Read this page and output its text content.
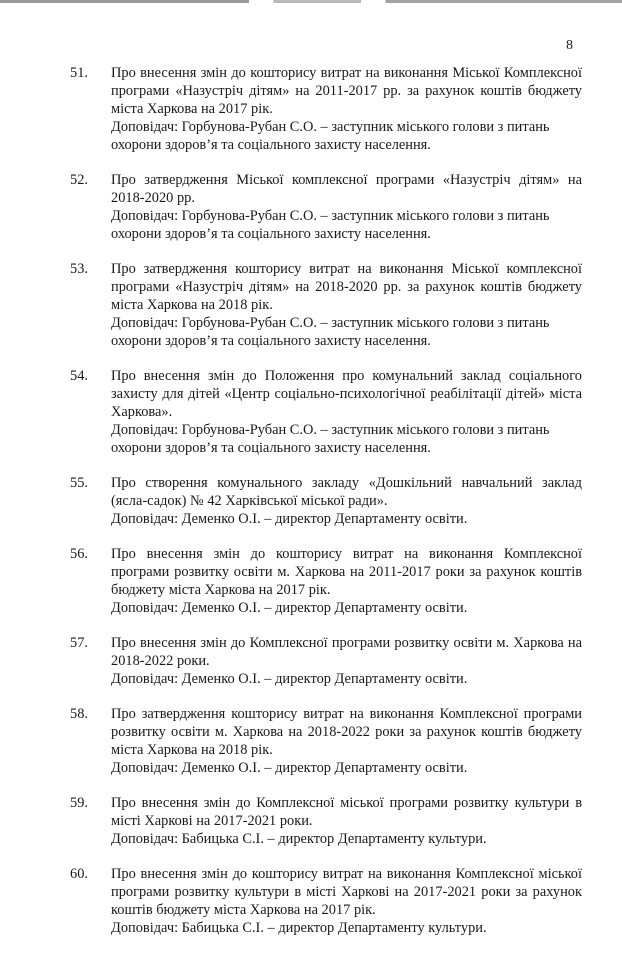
8
51.	Про внесення змін до кошторису витрат на виконання Міської Комплексної програми «Назустріч дітям» на 2011-2017 рр. за рахунок коштів бюджету міста Харкова на 2017 рік.
Доповідач: Горбунова-Рубан С.О. – заступник міського голови з питань охорони здоров’я та соціального захисту населення.
52.	Про затвердження Міської комплексної програми «Назустріч дітям» на 2018-2020 рр.
Доповідач: Горбунова-Рубан С.О. – заступник міського голови з питань охорони здоров’я та соціального захисту населення.
53.	Про затвердження кошторису витрат на виконання Міської комплексної програми «Назустріч дітям» на 2018-2020 рр. за рахунок коштів бюджету міста Харкова на 2018 рік.
Доповідач: Горбунова-Рубан С.О. – заступник міського голови з питань охорони здоров’я та соціального захисту населення.
54.	Про внесення змін до Положення про комунальний заклад соціального захисту для дітей «Центр соціально-психологічної реабілітації дітей» міста Харкова».
Доповідач: Горбунова-Рубан С.О. – заступник міського голови з питань охорони здоров’я та соціального захисту населення.
55.	Про створення комунального закладу «Дошкільний навчальний заклад (ясла-садок) № 42 Харківської міської ради».
Доповідач: Деменко О.І. – директор Департаменту освіти.
56.	Про внесення змін до кошторису витрат на виконання Комплексної програми розвитку освіти м. Харкова на 2011-2017 роки за рахунок коштів бюджету міста Харкова на 2017 рік.
Доповідач: Деменко О.І. – директор Департаменту освіти.
57.	Про внесення змін до Комплексної програми розвитку освіти м. Харкова на 2018-2022 роки.
Доповідач: Деменко О.І. – директор Департаменту освіти.
58.	Про затвердження кошторису витрат на виконання Комплексної програми розвитку освіти м. Харкова на 2018-2022 роки за рахунок коштів бюджету міста Харкова на 2018 рік.
Доповідач: Деменко О.І. – директор Департаменту освіти.
59.	Про внесення змін до Комплексної міської програми розвитку культури в місті Харкові на 2017-2021 роки.
Доповідач: Бабицька С.І. – директор Департаменту культури.
60.	Про внесення змін до кошторису витрат на виконання Комплексної міської програми розвитку культури в місті Харкові на 2017-2021 роки за рахунок коштів бюджету міста Харкова на 2017 рік.
Доповідач: Бабицька С.І. – директор Департаменту культури.
